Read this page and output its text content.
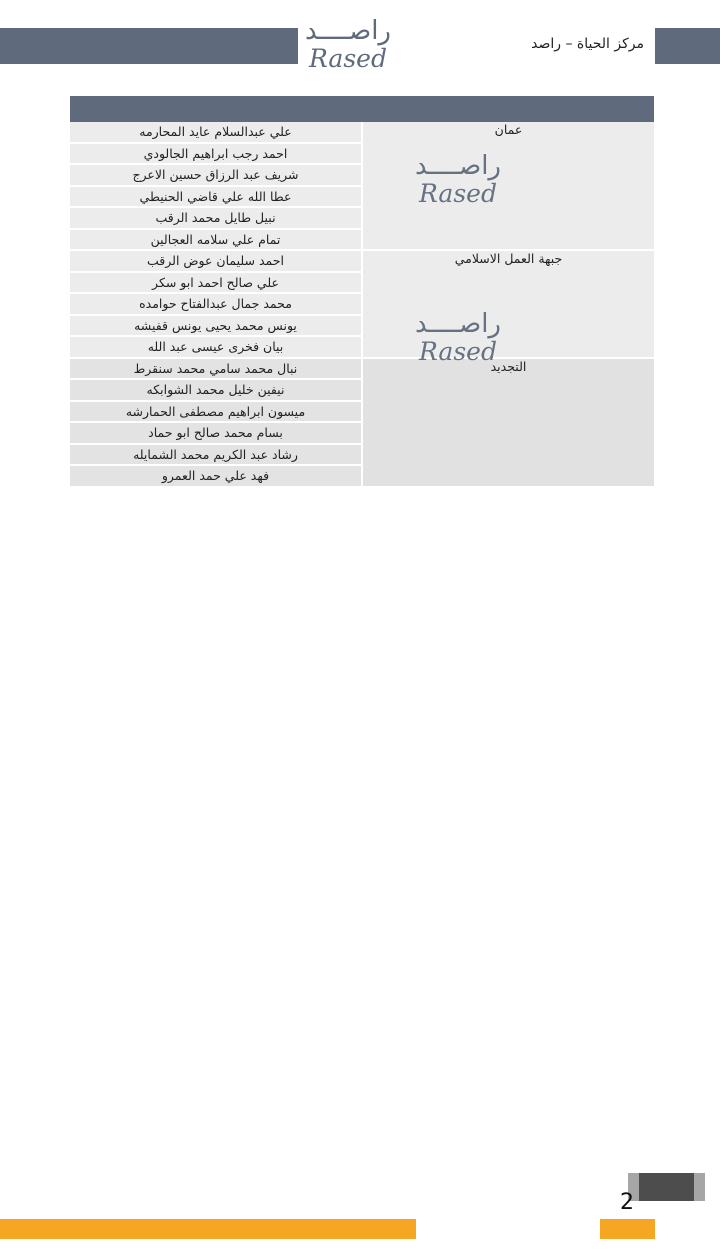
راصــــد
Rased	مركز الحياة – راصد

عمان	علي عبدالسلام عايد المحارمه
	احمد رجب ابراهيم الجالودي
	شريف عبد الرزاق حسين الاعرج
	عطا الله علي قاضي الحنيطي
	نبيل طايل محمد الرقب
	تمام علي سلامه العجالين
جبهة العمل الاسلامي	احمد سليمان عوض الرقب
	علي صالح احمد ابو سكر
	محمد جمال عبدالفتاح حوامده
	يونس محمد يحيى يونس قفيشه
	بيان فخرى عيسى عبد الله
التجديد	نبال محمد سامي محمد سنقرط
	نيفين خليل محمد الشوابكه
	ميسون ابراهيم مصطفى الحمارشه
	بسام محمد صالح ابو حماد
	رشاد عبد الكريم محمد الشمايله
	فهد علي حمد العمرو
راصــــد
Rased
راصــــد
Rased
2
